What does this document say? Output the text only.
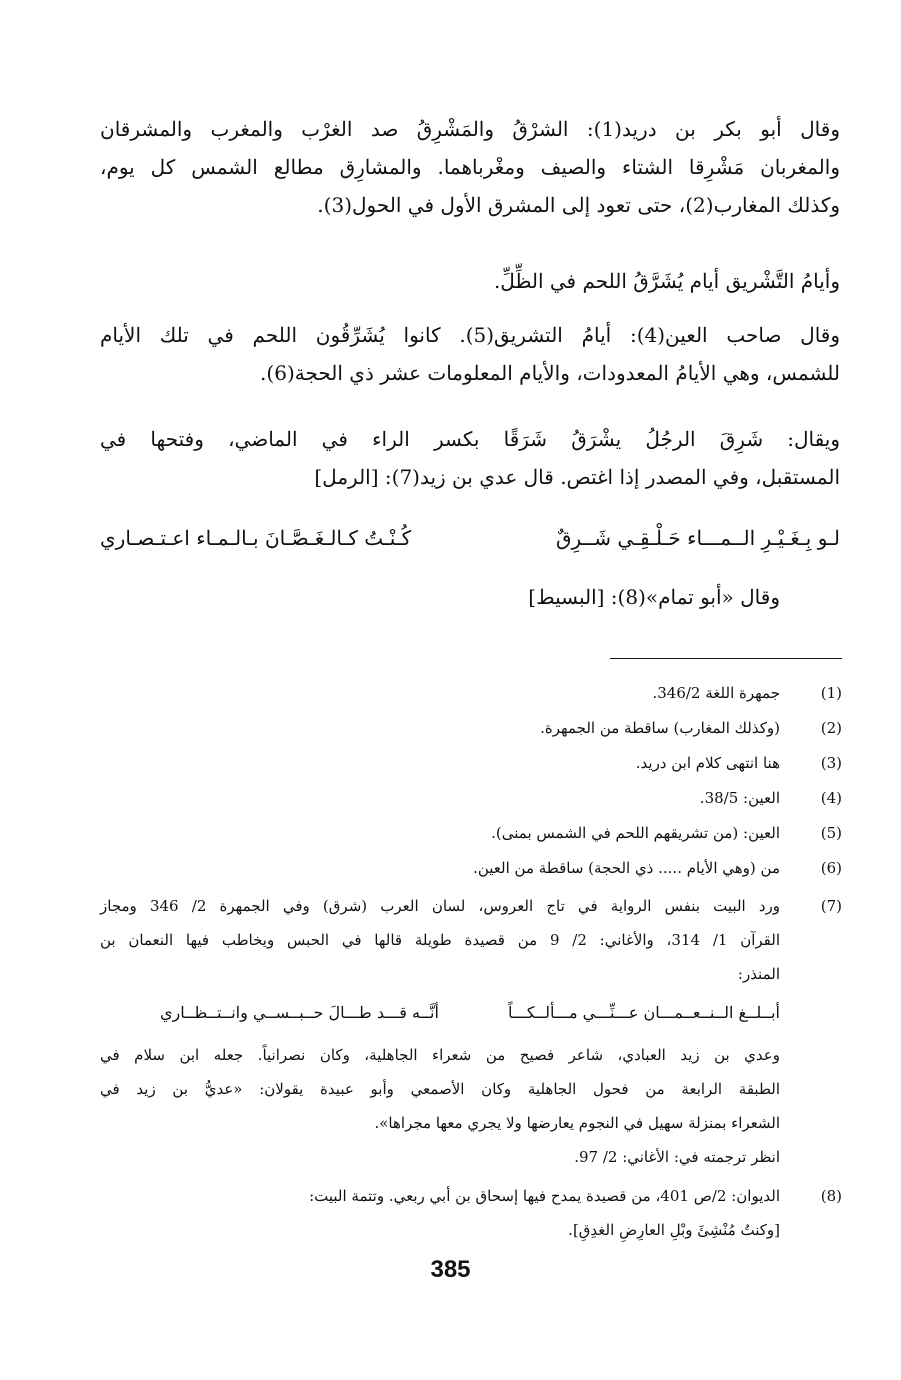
وقال أبو بكر بن دريد(1): الشرْقُ والمَشْرِقُ صد الغرْب والمغرب والمشرقان
والمغربان مَشْرِقا الشتاء والصيف ومغْرباهما. والمشارِق مطالع الشمس كل يوم،
وكذلك المغارب(2)، حتى تعود إلى المشرق الأول في الحول(3).
وأيامُ التَّشْريق أيام يُشَرَّقُ اللحم في الظِّلِّ.
وقال صاحب العين(4): أيامُ التشريق(5). كانوا يُشَرِّقُون اللحم في تلك الأيام
للشمس، وهي الأيامُ المعدودات، والأيام المعلومات عشر ذي الحجة(6).
ويقال: شَرِقَ الرجُلُ يشْرَقُ شَرَقًا بكسر الراء في الماضي، وفتحها في
المستقبل، وفي المصدر إذا اغتص. قال عدي بن زيد(7): [الرمل]
لـو بِـغَـيْـرِ الــمـــاء حَـلْـقِـي شَــرِقٌ
كُـنْـتُ كـالـغَـصَّـانَ بـالـمـاء اعـتـصـاري
وقال «أبو تمام»(8): [البسيط]
(1)
جمهرة اللغة 346/2.
(2)
(وكذلك المغارب) ساقطة من الجمهرة.
(3)
هنا انتهى كلام ابن دريد.
(4)
العين: 38/5.
(5)
العين: (من تشريقهم اللحم في الشمس بمنى).
(6)
من (وهي الأيام ..... ذي الحجة) ساقطة من العين.
(7)
ورد البيت بنفس الرواية في تاج العروس، لسان العرب (شرق) وفي الجمهرة 2/ 346 ومجاز
القرآن 1/ 314، والأغاني: 2/ 9 من قصيدة طويلة قالها في الحبس ويخاطب فيها النعمان بن
المنذر:
أبــلــغ الــنــعــمـــان عـــنِّـــي مـــألــكـــاً
أنَّــه قـــد طـــالَ حــبــســي وانــتــظــاري
وعدي بن زيد العبادي، شاعر فصيح من شعراء الجاهلية، وكان نصرانياً. جعله ابن سلام في
الطبقة الرابعة من فحول الجاهلية وكان الأصمعي وأبو عبيدة يقولان: «عديُّ بن زيد في
الشعراء بمنزلة سهيل في النجوم يعارضها ولا يجري معها مجراها».
انظر ترجمته في: الأغاني: 2/ 97.
(8)
الديوان: 2/ص 401، من قصيدة يمدح فيها إسحاق بن أبي ربعي. وتتمة البيت:
[وكنتُ مُنْشِئَ وبْلِ العارِضِ الغدِقِ].
385
